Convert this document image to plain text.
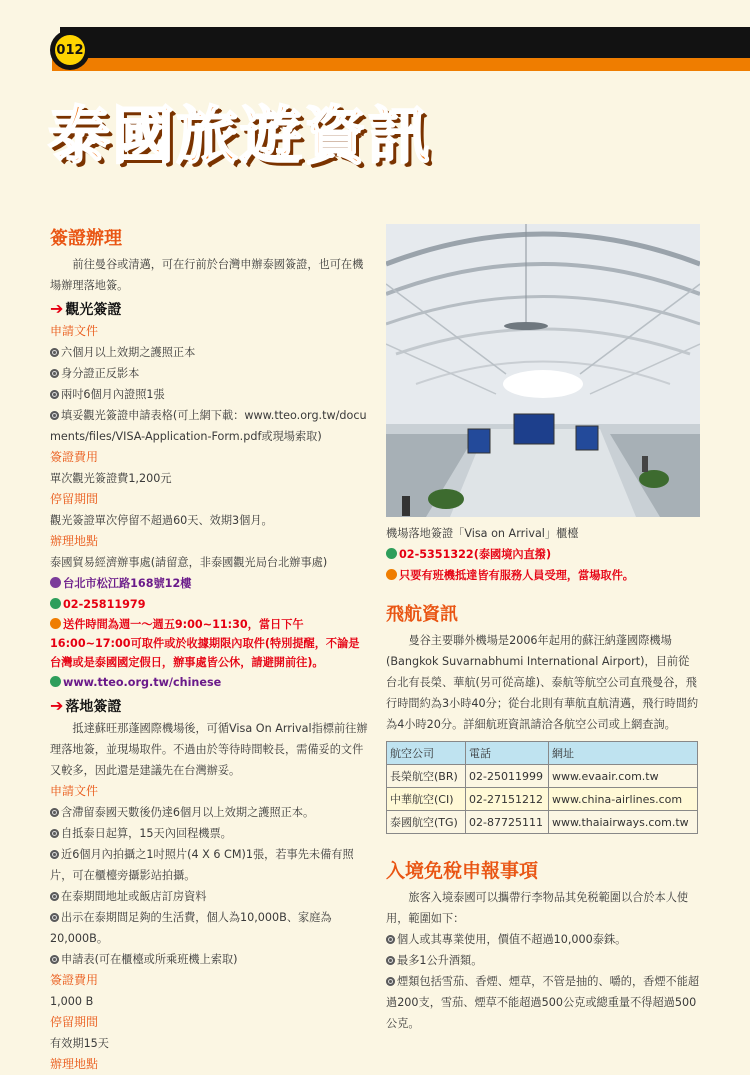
012
泰國旅遊資訊
簽證辦理

前往曼谷或清邁，可在行前於台灣申辦泰國簽證，也可在機場辦理落地簽。

➔ 觀光簽證

申請文件

六個月以上效期之護照正本

身分證正反影本

兩吋6個月內證照1張

填妥觀光簽證申請表格(可上網下載：www.tteo.org.tw/documents/files/VISA-Application-Form.pdf或現場索取)

簽證費用

單次觀光簽證費1,200元

停留期間

觀光簽證單次停留不超過60天、效期3個月。

辦理地點

泰國貿易經濟辦事處(請留意，非泰國觀光局台北辦事處)

台北市松江路168號12樓

02-25811979

送件時間為週一～週五9:00~11:30，當日下午16:00~17:00可取件或於收據期限內取件(特別提醒，不論是台灣或是泰國國定假日，辦事處皆公休，請避開前往)。

www.tteo.org.tw/chinese

➔ 落地簽證

抵達蘇旺那蓬國際機場後，可循Visa On Arrival指標前往辦理落地簽，並現場取件。不過由於等待時間較長，需備妥的文件又較多，因此還是建議先在台灣辦妥。

申請文件

含滯留泰國天數後仍達6個月以上效期之護照正本。

自抵泰日起算，15天內回程機票。

近6個月內拍攝之1吋照片(4 X 6 CM)1張，若事先未備有照片，可在櫃檯旁攝影站拍攝。

在泰期間地址或飯店訂房資料

出示在泰期間足夠的生活費，個人為10,000B、家庭為20,000B。

申請表(可在櫃檯或所乘班機上索取)

簽證費用

1,000 B

停留期間

有效期15天

辦理地點

機場落地簽證「Visa on Arrival」櫃檯

02-5351322(泰國境內直撥)

只要有班機抵達皆有服務人員受理，當場取件。

飛航資訊

曼谷主要聯外機場是2006年起用的蘇汪納蓬國際機場(Bangkok Suvarnabhumi International Airport)，目前從台北有長榮、華航(另可從高雄)、泰航等航空公司直飛曼谷，飛行時間約為3小時40分；從台北則有華航直航清邁，飛行時間約為4小時20分。詳細航班資訊請洽各航空公司或上網查詢。

航空公司	電話	網址
長榮航空(BR)	02-25011999	www.evaair.com.tw
中華航空(CI)	02-27151212	www.china-airlines.com
泰國航空(TG)	02-87725111	www.thaiairways.com.tw
入境免稅申報事項

旅客入境泰國可以攜帶行李物品其免税範圍以合於本人使用，範圍如下：

個人或其專業使用，價值不超過10,000泰銖。

最多1公升酒類。

煙類包括雪茄、香煙、煙草，不管是抽的、嚼的，香煙不能超過200支，雪茄、煙草不能超過500公克或總重量不得超過500公克。
